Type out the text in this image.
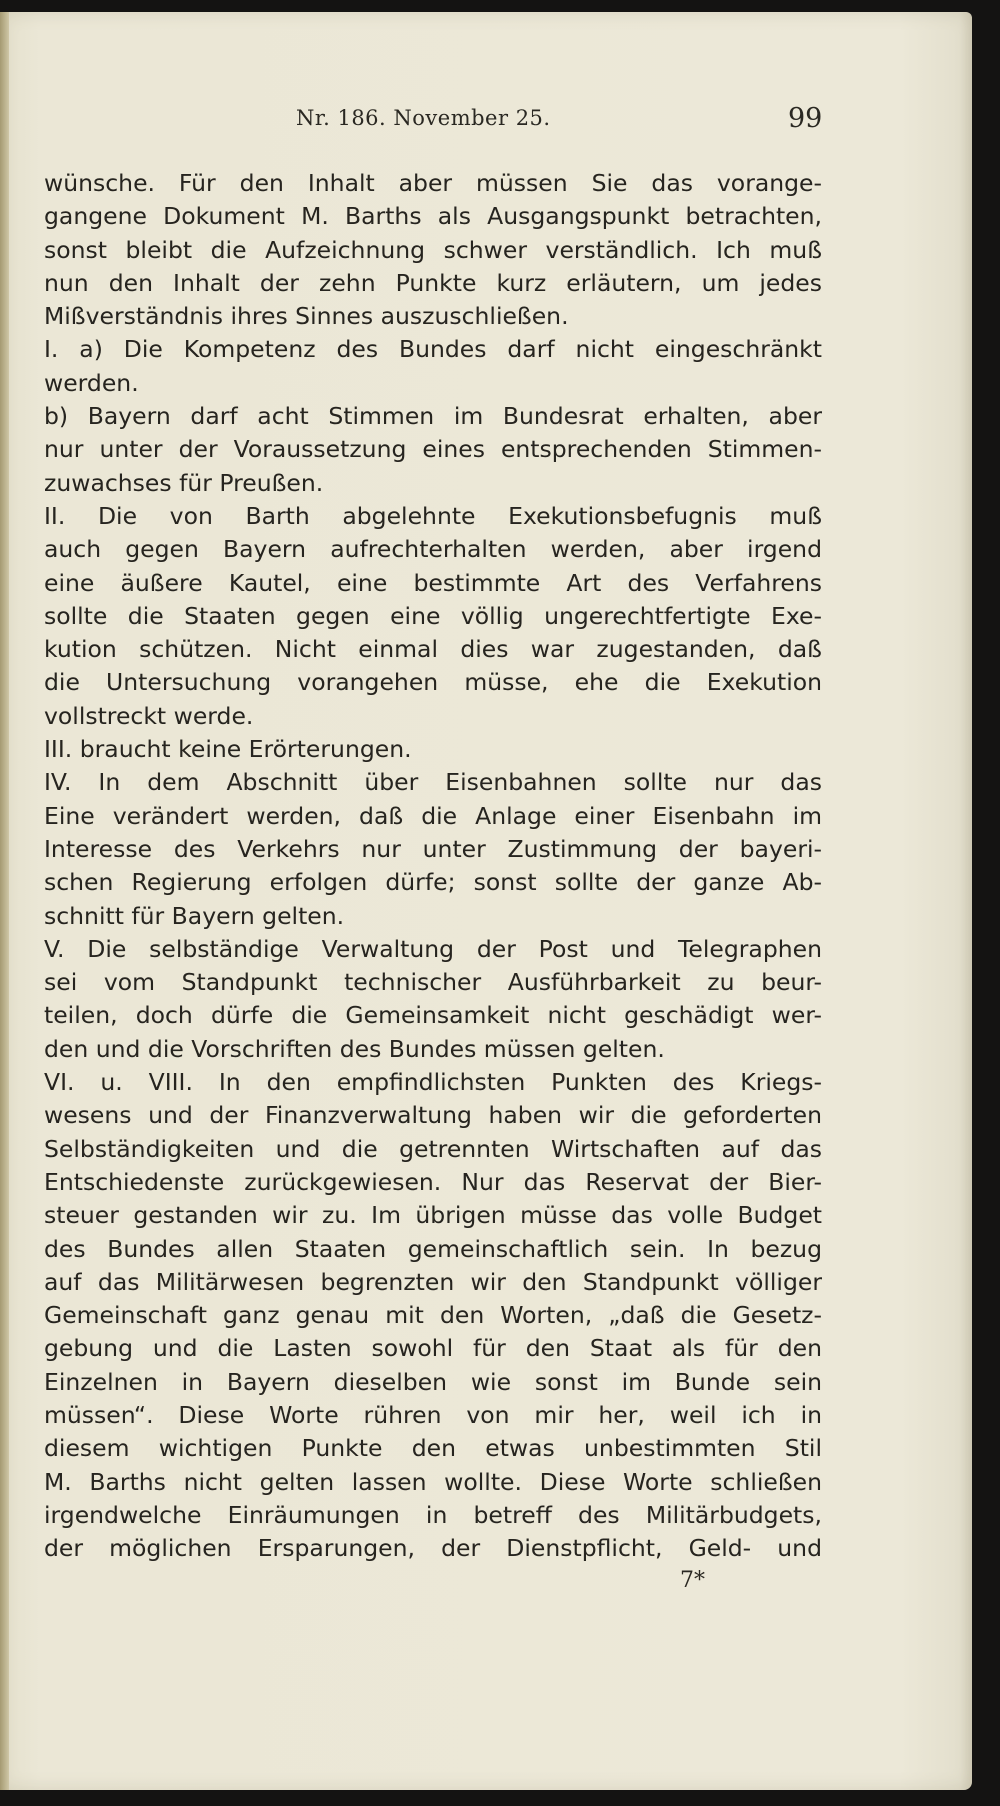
Nr. 186. November 25.	99
wünsche. Für den Inhalt aber müssen Sie das vorange-
gangene Dokument M. Barths als Ausgangspunkt betrachten,
sonst bleibt die Aufzeichnung schwer verständlich. Ich muß
nun den Inhalt der zehn Punkte kurz erläutern, um jedes
Mißverständnis ihres Sinnes auszuschließen.
I. a) Die Kompetenz des Bundes darf nicht eingeschränkt
werden.
b) Bayern darf acht Stimmen im Bundesrat erhalten, aber
nur unter der Voraussetzung eines entsprechenden Stimmen-
zuwachses für Preußen.
II. Die von Barth abgelehnte Exekutionsbefugnis muß
auch gegen Bayern aufrechterhalten werden, aber irgend
eine äußere Kautel, eine bestimmte Art des Verfahrens
sollte die Staaten gegen eine völlig ungerechtfertigte Exe-
kution schützen. Nicht einmal dies war zugestanden, daß
die Untersuchung vorangehen müsse, ehe die Exekution
vollstreckt werde.
III. braucht keine Erörterungen.
IV. In dem Abschnitt über Eisenbahnen sollte nur das
Eine verändert werden, daß die Anlage einer Eisenbahn im
Interesse des Verkehrs nur unter Zustimmung der bayeri-
schen Regierung erfolgen dürfe; sonst sollte der ganze Ab-
schnitt für Bayern gelten.
V. Die selbständige Verwaltung der Post und Telegraphen
sei vom Standpunkt technischer Ausführbarkeit zu beur-
teilen, doch dürfe die Gemeinsamkeit nicht geschädigt wer-
den und die Vorschriften des Bundes müssen gelten.
VI. u. VIII. In den empfindlichsten Punkten des Kriegs-
wesens und der Finanzverwaltung haben wir die geforderten
Selbständigkeiten und die getrennten Wirtschaften auf das
Entschiedenste zurückgewiesen. Nur das Reservat der Bier-
steuer gestanden wir zu. Im übrigen müsse das volle Budget
des Bundes allen Staaten gemeinschaftlich sein. In bezug
auf das Militärwesen begrenzten wir den Standpunkt völliger
Gemeinschaft ganz genau mit den Worten, „daß die Gesetz-
gebung und die Lasten sowohl für den Staat als für den
Einzelnen in Bayern dieselben wie sonst im Bunde sein
müssen“. Diese Worte rühren von mir her, weil ich in
diesem wichtigen Punkte den etwas unbestimmten Stil
M. Barths nicht gelten lassen wollte. Diese Worte schließen
irgendwelche Einräumungen in betreff des Militärbudgets,
der möglichen Ersparungen, der Dienstpflicht, Geld- und
7*
